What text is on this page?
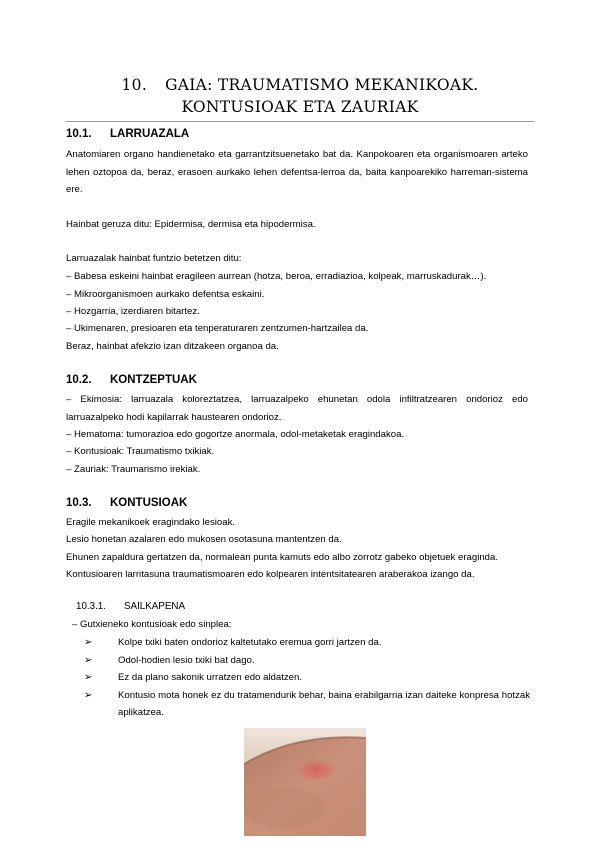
10. GAIA: TRAUMATISMO MEKANIKOAK.
KONTUSIOAK ETA ZAURIAK
10.1. LARRUAZALA

Anatomiaren organo handienetako eta garrantzitsuenetako bat da. Kanpokoaren eta organismoaren arteko lehen oztopoa da, beraz, erasoen aurkako lehen defentsa-lerroa da, baita kanpoarekiko harreman-sistema ere.

Hainbat geruza ditu: Epidermisa, dermisa eta hipodermisa.

Larruazalak hainbat funtzio betetzen ditu:

– Babesa eskeini hainbat eragileen aurrean (hotza, beroa, erradiazioa, kolpeak, marruskadurak…).

– Mikroorganismoen aurkako defentsa eskaini.

– Hozgarria, izerdiaren bitartez.

– Ukimenaren, presioaren eta tenperaturaren zentzumen-hartzailea da.

Beraz, hainbat afekzio izan ditzakeen organoa da.

10.2. KONTZEPTUAK

– Ekimosia: larruazala koloreztatzea, larruazalpeko ehunetan odola infiltratzearen ondorioz edo larruazalpeko hodi kapilarrak haustearen ondorioz.

– Hematoma: tumorazioa edo gogortze anormala, odol-metaketak eragindakoa.

– Kontusioak: Traumatismo txikiak.

– Zauriak: Traumarismo irekiak.

10.3. KONTUSIOAK

Eragile mekanikoek eragindako lesioak.

Lesio honetan azalaren edo mukosen osotasuna mantentzen da.

Ehunen zapaldura gertatzen da, normalean punta kamuts edo albo zorrotz gabeko objetuek eraginda.

Kontusioaren larritasuna traumatismoaren edo kolpearen intentsitatearen araberakoa izango da.

10.3.1. SAILKAPENA

– Gutxieneko kontusioak edo sinplea:

➢	Kolpe txiki baten ondorioz kaltetutako eremua gorri jartzen da.
➢	Odol-hodien lesio txiki bat dago.
➢	Ez da plano sakonik urratzen edo aldatzen.
➢	Kontusio mota honek ez du tratamendurik behar, baina erabilgarria izan daiteke konpresa hotzak aplikatzea.
